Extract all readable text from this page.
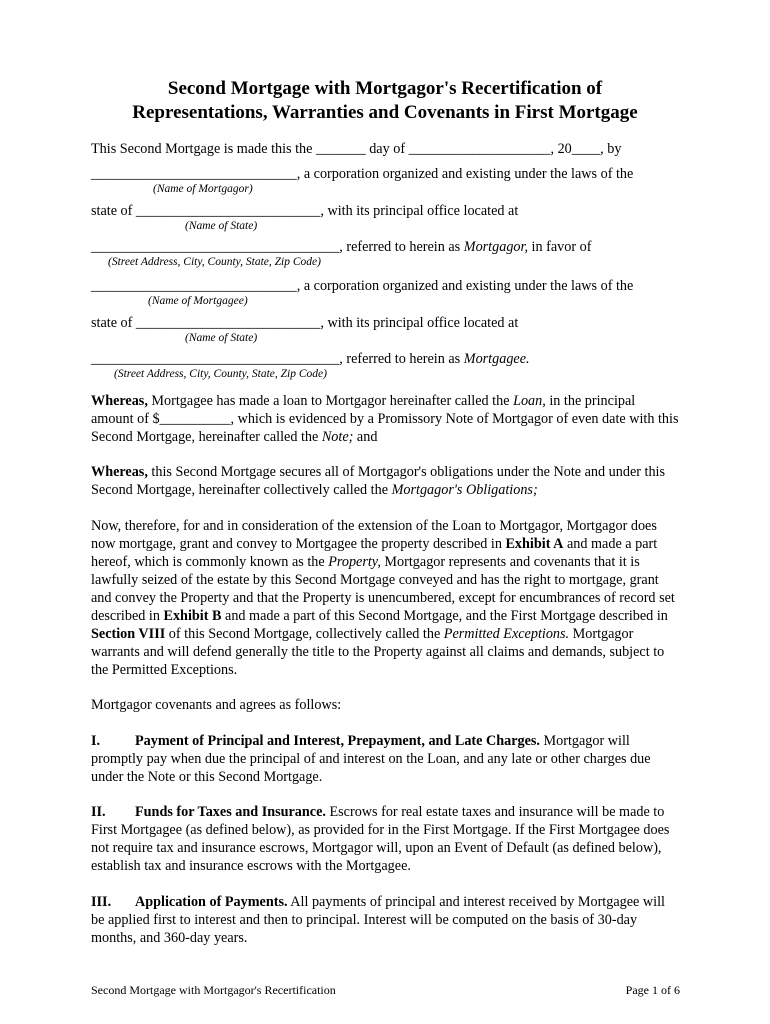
Second Mortgage with Mortgagor's Recertification of
Representations, Warranties and Covenants in First Mortgage
This Second Mortgage is made this the _______ day of ____________________, 20____, by
_____________________________, a corporation organized and existing under the laws of the
(Name of Mortgagor)
state of __________________________, with its principal office located at
(Name of State)
___________________________________, referred to herein as Mortgagor, in favor of
(Street Address, City, County, State, Zip Code)
_____________________________, a corporation organized and existing under the laws of the
(Name of Mortgagee)
state of __________________________, with its principal office located at
(Name of State)
___________________________________, referred to herein as Mortgagee.
(Street Address, City, County, State, Zip Code)

Whereas, Mortgagee has made a loan to Mortgagor hereinafter called the Loan, in the principal amount of $__________, which is evidenced by a Promissory Note of Mortgagor of even date with this Second Mortgage, hereinafter called the Note; and

Whereas, this Second Mortgage secures all of Mortgagor's obligations under the Note and under this Second Mortgage, hereinafter collectively called the Mortgagor's Obligations;

Now, therefore, for and in consideration of the extension of the Loan to Mortgagor, Mortgagor does now mortgage, grant and convey to Mortgagee the property described in Exhibit A and made a part hereof, which is commonly known as the Property, Mortgagor represents and covenants that it is lawfully seized of the estate by this Second Mortgage conveyed and has the right to mortgage, grant and convey the Property and that the Property is unencumbered, except for encumbrances of record set described in Exhibit B and made a part of this Second Mortgage, and the First Mortgage described in Section VIII of this Second Mortgage, collectively called the Permitted Exceptions. Mortgagor warrants and will defend generally the title to the Property against all claims and demands, subject to the Permitted Exceptions.

Mortgagor covenants and agrees as follows:

I. Payment of Principal and Interest, Prepayment, and Late Charges. Mortgagor will promptly pay when due the principal of and interest on the Loan, and any late or other charges due under the Note or this Second Mortgage.

II. Funds for Taxes and Insurance. Escrows for real estate taxes and insurance will be made to First Mortgagee (as defined below), as provided for in the First Mortgage. If the First Mortgagee does not require tax and insurance escrows, Mortgagor will, upon an Event of Default (as defined below), establish tax and insurance escrows with the Mortgagee.

III. Application of Payments. All payments of principal and interest received by Mortgagee will be applied first to interest and then to principal. Interest will be computed on the basis of 30-day months, and 360-day years.

Second Mortgage with Mortgagor's Recertification	Page 1 of 6
